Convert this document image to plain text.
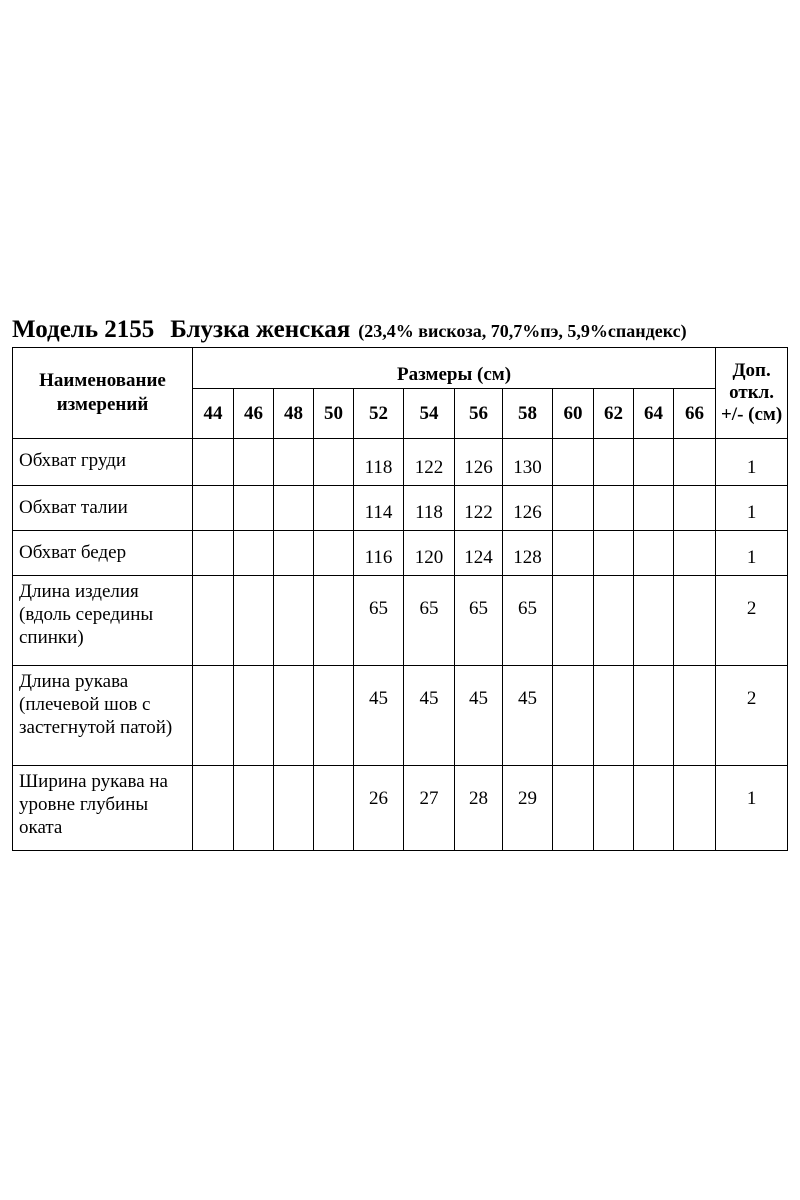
Модель 2155 Блузка женская (23,4% вискоза, 70,7%пэ, 5,9%спандекс)
Наименование измерений	Размеры (см)												Доп. откл. +/- (см)
	44	46	48	50	52	54	56	58	60	62	64	66	
Обхват груди					118	122	126	130					1
Обхват талии					114	118	122	126					1
Обхват бедер					116	120	124	128					1
Длина изделия (вдоль середины спинки)					65	65	65	65					2
Длина рукава (плечевой шов с застегнутой патой)					45	45	45	45					2
Ширина рукава на уровне глубины оката					26	27	28	29					1
